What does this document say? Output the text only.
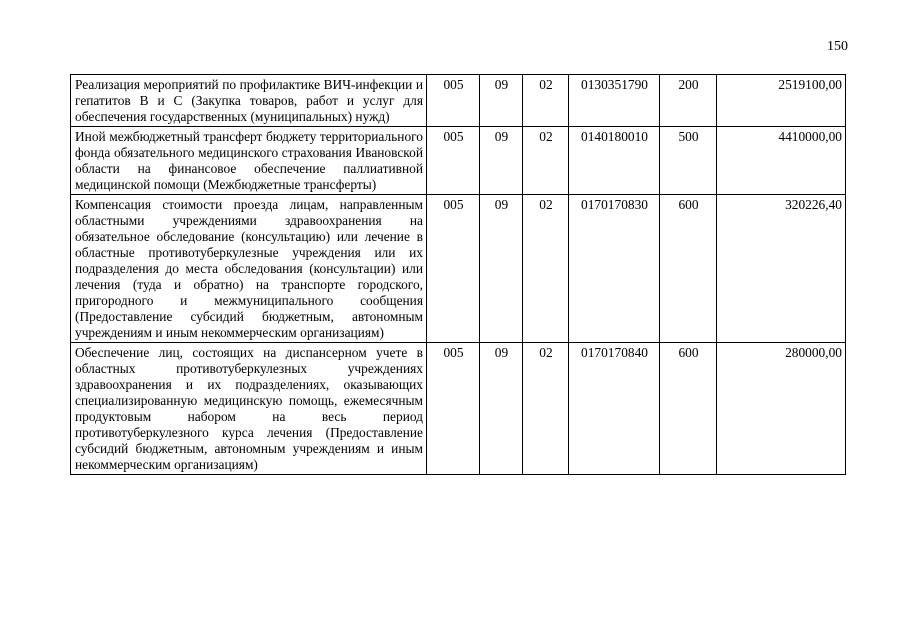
150
Реализация мероприятий по профилактике ВИЧ-инфекции и гепатитов В и С (Закупка товаров, работ и услуг для обеспечения государственных (муниципальных) нужд)	005	09	02	0130351790	200	2519100,00

Иной межбюджетный трансферт бюджету территориального фонда обязательного медицинского страхования Ивановской области на финансовое обеспечение паллиативной медицинской помощи (Межбюджетные трансферты)	005	09	02	0140180010	500	4410000,00

Компенсация стоимости проезда лицам, направленным областными учреждениями здравоохранения на обязательное обследование (консультацию) или лечение в областные противотуберкулезные учреждения или их подразделения до места обследования (консультации) или лечения (туда и обратно) на транспорте городского, пригородного и межмуниципального сообщения (Предоставление субсидий бюджетным, автономным учреждениям и иным некоммерческим организациям)	005	09	02	0170170830	600	320226,40

Обеспечение лиц, состоящих на диспансерном учете в областных противотуберкулезных учреждениях здравоохранения и их подразделениях, оказывающих специализированную медицинскую помощь, ежемесячным продуктовым набором на весь период противотуберкулезного курса лечения (Предоставление субсидий бюджетным, автономным учреждениям и иным некоммерческим организациям)	005	09	02	0170170840	600	280000,00
